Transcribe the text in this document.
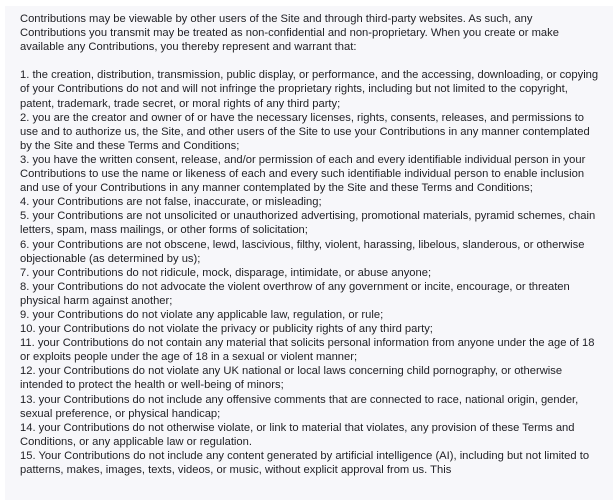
Contributions may be viewable by other users of the Site and through third-party websites. As such, any Contributions you transmit may be treated as non-confidential and non-proprietary. When you create or make available any Contributions, you thereby represent and warrant that:

1. the creation, distribution, transmission, public display, or performance, and the accessing, downloading, or copying of your Contributions do not and will not infringe the proprietary rights, including but not limited to the copyright, patent, trademark, trade secret, or moral rights of any third party;

2. you are the creator and owner of or have the necessary licenses, rights, consents, releases, and permissions to use and to authorize us, the Site, and other users of the Site to use your Contributions in any manner contemplated by the Site and these Terms and Conditions;

3. you have the written consent, release, and/or permission of each and every identifiable individual person in your Contributions to use the name or likeness of each and every such identifiable individual person to enable inclusion and use of your Contributions in any manner contemplated by the Site and these Terms and Conditions;

4. your Contributions are not false, inaccurate, or misleading;

5. your Contributions are not unsolicited or unauthorized advertising, promotional materials, pyramid schemes, chain letters, spam, mass mailings, or other forms of solicitation;

6. your Contributions are not obscene, lewd, lascivious, filthy, violent, harassing, libelous, slanderous, or otherwise objectionable (as determined by us);

7. your Contributions do not ridicule, mock, disparage, intimidate, or abuse anyone;

8. your Contributions do not advocate the violent overthrow of any government or incite, encourage, or threaten physical harm against another;

9. your Contributions do not violate any applicable law, regulation, or rule;

10. your Contributions do not violate the privacy or publicity rights of any third party;

11. your Contributions do not contain any material that solicits personal information from anyone under the age of 18 or exploits people under the age of 18 in a sexual or violent manner;

12. your Contributions do not violate any UK national or local laws concerning child pornography, or otherwise intended to protect the health or well-being of minors;

13. your Contributions do not include any offensive comments that are connected to race, national origin, gender, sexual preference, or physical handicap;

14. your Contributions do not otherwise violate, or link to material that violates, any provision of these Terms and Conditions, or any applicable law or regulation.

15. Your Contributions do not include any content generated by artificial intelligence (AI), including but not limited to patterns, makes, images, texts, videos, or music, without explicit approval from us. This
